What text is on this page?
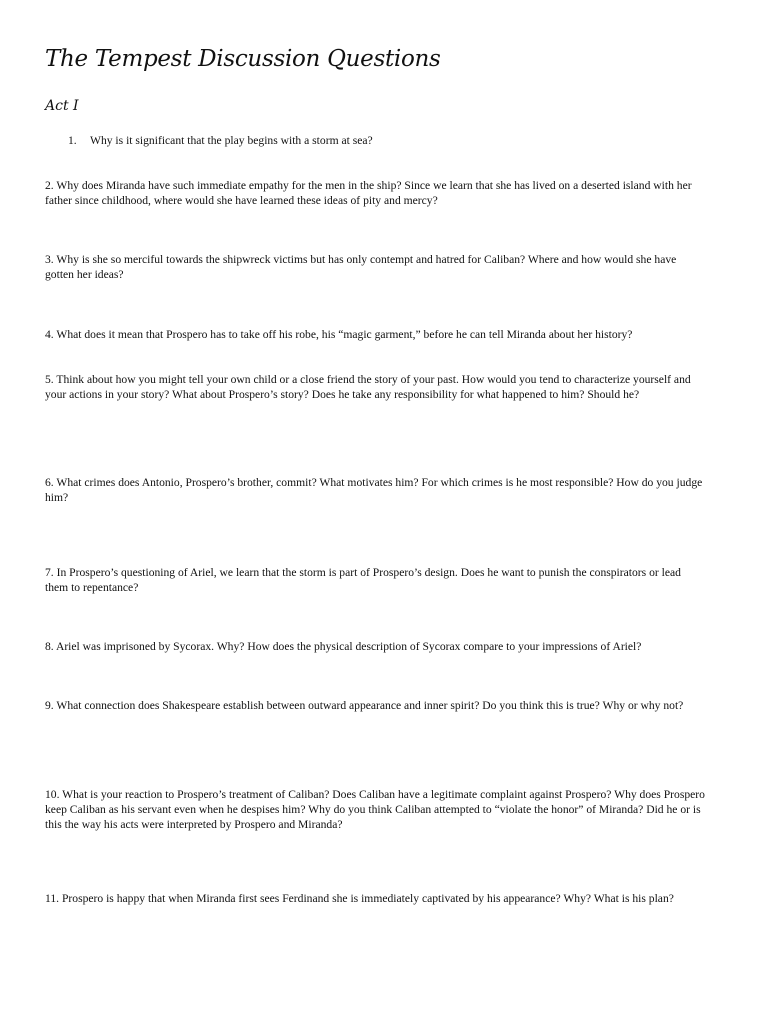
The Tempest Discussion Questions
Act I
1. Why is it significant that the play begins with a storm at sea?
2. Why does Miranda have such immediate empathy for the men in the ship? Since we learn that she has lived on a deserted island with her father since childhood, where would she have learned these ideas of pity and mercy?
3. Why is she so merciful towards the shipwreck victims but has only contempt and hatred for Caliban? Where and how would she have gotten her ideas?
4. What does it mean that Prospero has to take off his robe, his “magic garment,” before he can tell Miranda about her history?
5. Think about how you might tell your own child or a close friend the story of your past. How would you tend to characterize yourself and your actions in your story? What about Prospero’s story? Does he take any responsibility for what happened to him? Should he?
6. What crimes does Antonio, Prospero’s brother, commit? What motivates him? For which crimes is he most responsible? How do you judge him?
7. In Prospero’s questioning of Ariel, we learn that the storm is part of Prospero’s design. Does he want to punish the conspirators or lead them to repentance?
8. Ariel was imprisoned by Sycorax. Why? How does the physical description of Sycorax compare to your impressions of Ariel?
9. What connection does Shakespeare establish between outward appearance and inner spirit? Do you think this is true? Why or why not?
10. What is your reaction to Prospero’s treatment of Caliban? Does Caliban have a legitimate complaint against Prospero? Why does Prospero keep Caliban as his servant even when he despises him? Why do you think Caliban attempted to “violate the honor” of Miranda? Did he or is this the way his acts were interpreted by Prospero and Miranda?
11. Prospero is happy that when Miranda first sees Ferdinand she is immediately captivated by his appearance? Why? What is his plan?
